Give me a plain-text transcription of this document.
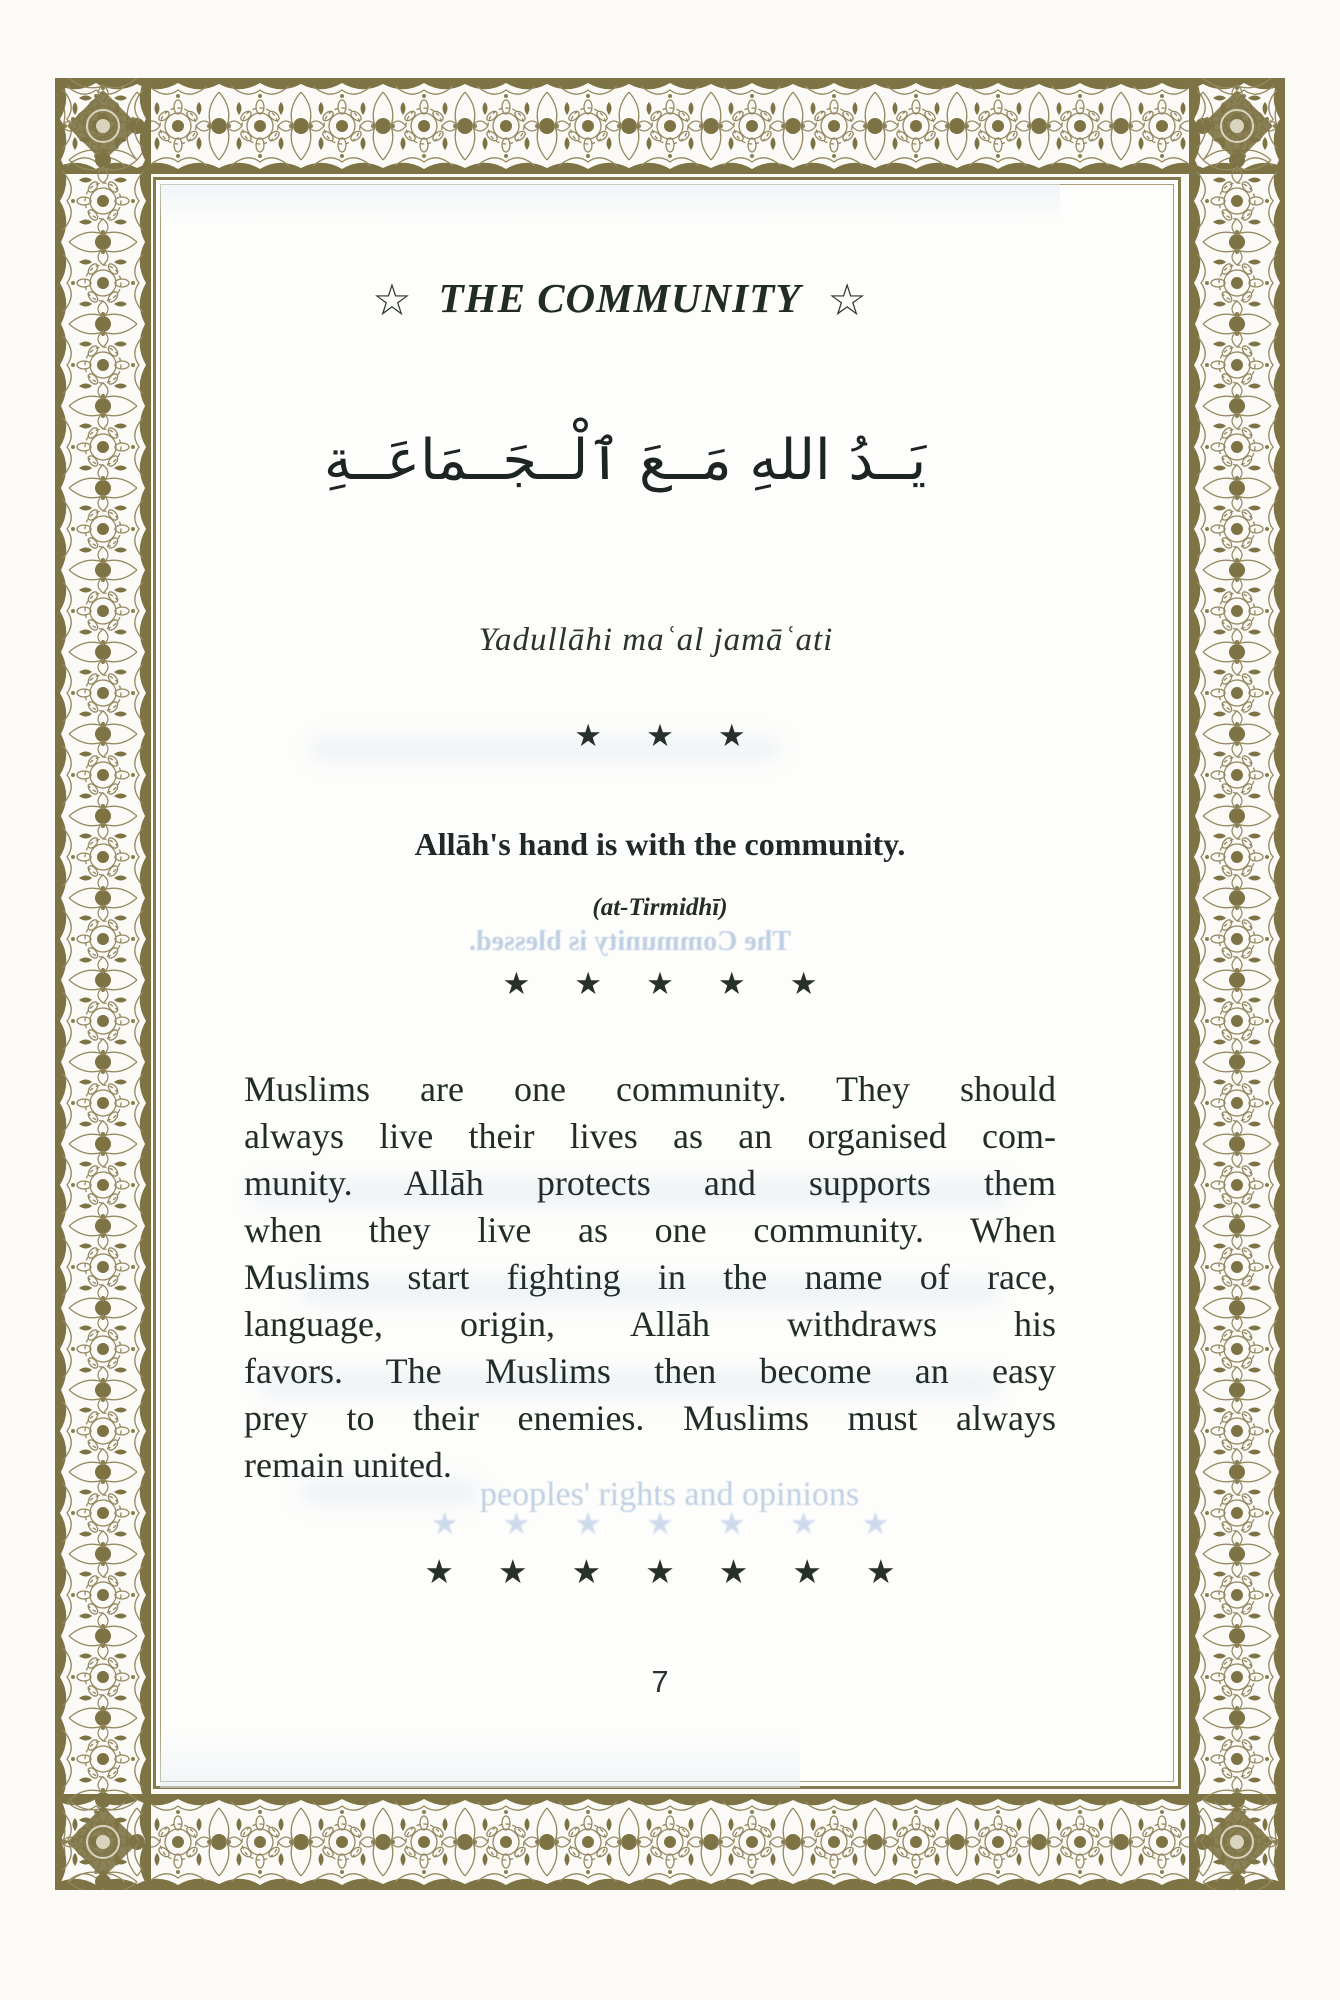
☆ THE COMMUNITY ☆
يَــدُ اللهِ مَــعَ ٱلْــجَــمَاعَــةِ
Yadullāhi maʿal jamāʿati
★ ★ ★
Allāh's hand is with the community.
(at-Tirmidhī)
The Community is blessed.
★ ★ ★ ★ ★
Muslims are one community. They should
always live their lives as an organised com-
munity. Allāh protects and supports them
when they live as one community. When
Muslims start fighting in the name of race,
language, origin, Allāh withdraws his
favors. The Muslims then become an easy
prey to their enemies. Muslims must always
remain united.
peoples' rights and opinions
★ ★ ★ ★ ★ ★ ★
★ ★ ★ ★ ★ ★ ★
7
